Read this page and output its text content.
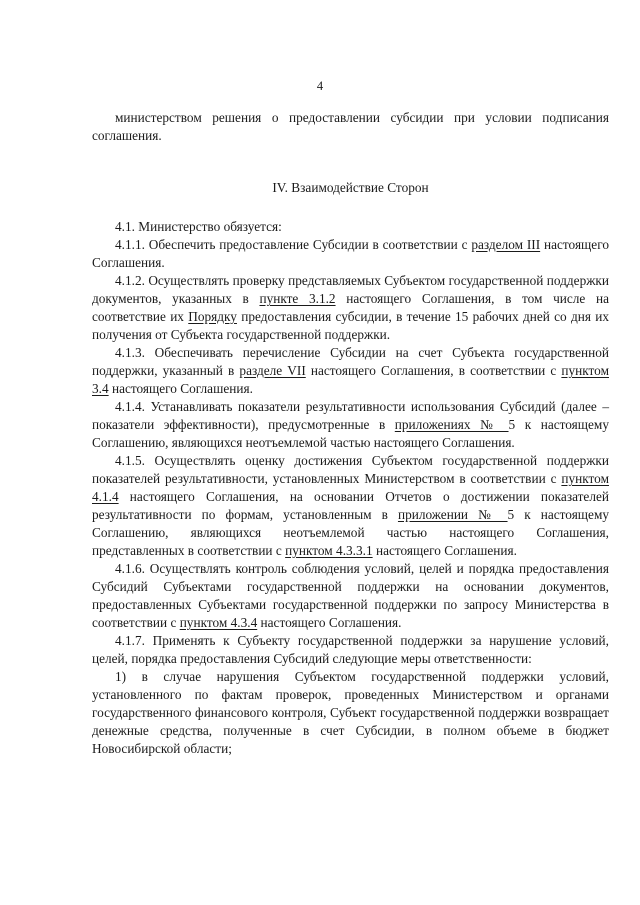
4

министерством решения о предоставлении субсидии при условии подписания соглашения.

IV. Взаимодействие Сторон

4.1. Министерство обязуется:

4.1.1. Обеспечить предоставление Субсидии в соответствии с разделом III настоящего Соглашения.

4.1.2. Осуществлять проверку представляемых Субъектом государственной поддержки документов, указанных в пункте 3.1.2 настоящего Соглашения, в том числе на соответствие их Порядку предоставления субсидии, в течение 15 рабочих дней со дня их получения от Субъекта государственной поддержки.

4.1.3. Обеспечивать перечисление Субсидии на счет Субъекта государственной поддержки, указанный в разделе VII настоящего Соглашения, в соответствии с пунктом 3.4 настоящего Соглашения.

4.1.4. Устанавливать показатели результативности использования Субсидий (далее – показатели эффективности), предусмотренные в приложениях № 5 к настоящему Соглашению, являющихся неотъемлемой частью настоящего Соглашения.

4.1.5. Осуществлять оценку достижения Субъектом государственной поддержки показателей результативности, установленных Министерством в соответствии с пунктом 4.1.4 настоящего Соглашения, на основании Отчетов о достижении показателей результативности по формам, установленным в приложении № 5 к настоящему Соглашению, являющихся неотъемлемой частью настоящего Соглашения, представленных в соответствии с пунктом 4.3.3.1 настоящего Соглашения.

4.1.6. Осуществлять контроль соблюдения условий, целей и порядка предоставления Субсидий Субъектами государственной поддержки на основании документов, предоставленных Субъектами государственной поддержки по запросу Министерства в соответствии с пунктом 4.3.4 настоящего Соглашения.

4.1.7. Применять к Субъекту государственной поддержки за нарушение условий, целей, порядка предоставления Субсидий следующие меры ответственности:

1) в случае нарушения Субъектом государственной поддержки условий, установленного по фактам проверок, проведенных Министерством и органами государственного финансового контроля, Субъект государственной поддержки возвращает денежные средства, полученные в счет Субсидии, в полном объеме в бюджет Новосибирской области;
